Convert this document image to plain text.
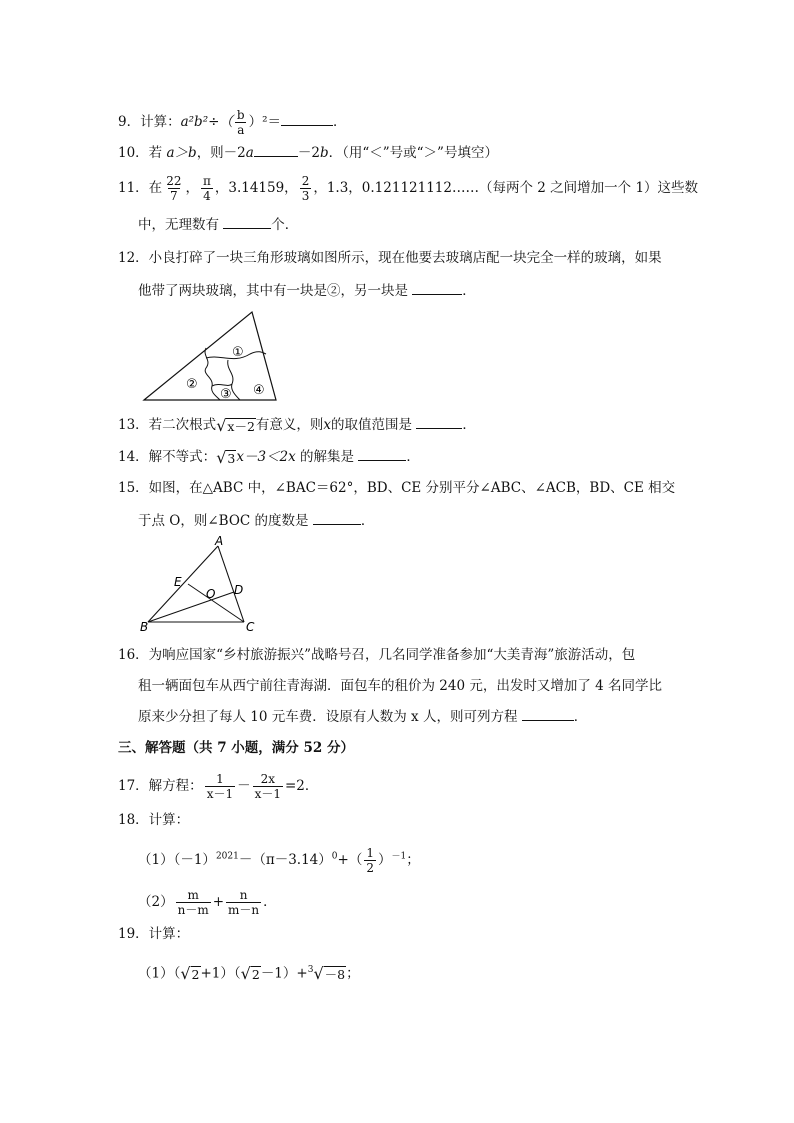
9．计算：$a^2b^2\div( \frac{b}{a} )^2=$	．
10．若 a＞b，则－2a	－2b．（用“＜”号或“＞”号填空）
11．在 $\frac{22}{7}$ ， $\frac{\pi}{4}$ ，3.14159， $\frac{2}{3}$ ，1.3，0.121121112……（每两个 2 之间增加一个 1）这些数
中，无理数有	个．
12．小良打碎了一块三角形玻璃如图所示，现在他要去玻璃店配一块完全一样的玻璃，如果
他带了两块玻璃，其中有一块是②，另一块是	．
①
②
③ ④
13．若二次根式 √ x－2 有意义，则x的取值范围是	．
14．解不等式： √ 3 x－3＜2x 的解集是	．
15．如图，在△ABC 中，∠BAC＝62°，BD、CE 分别平分∠ABC、∠ACB，BD、CE 相交
于点 O，则∠BOC 的度数是	．
A
B	C
D
E
O
16．为响应国家“乡村旅游振兴”战略号召，几名同学准备参加“大美青海”旅游活动，包
租一辆面包车从西宁前往青海湖．面包车的租价为 240 元，出发时又增加了 4 名同学比
原来少分担了每人 10 元车费．设原有人数为 x 人，则可列方程	．
三、解答题（共 7 小题，满分 52 分）
17．解方程： $\frac{1}{x-1} - \frac{2x}{x-1} =2$．
18．计算：
$(1)(-1)^{2021}-(\pi-3.14)^0+( \frac{1}{2} )^{-1}$；
$(2) \frac{m}{n-m} + \frac{n}{m-n}$ ．
19．计算：
（1）（ √ 2 +1）（ √ 2 －1）+$^3$ √ －8 ；
